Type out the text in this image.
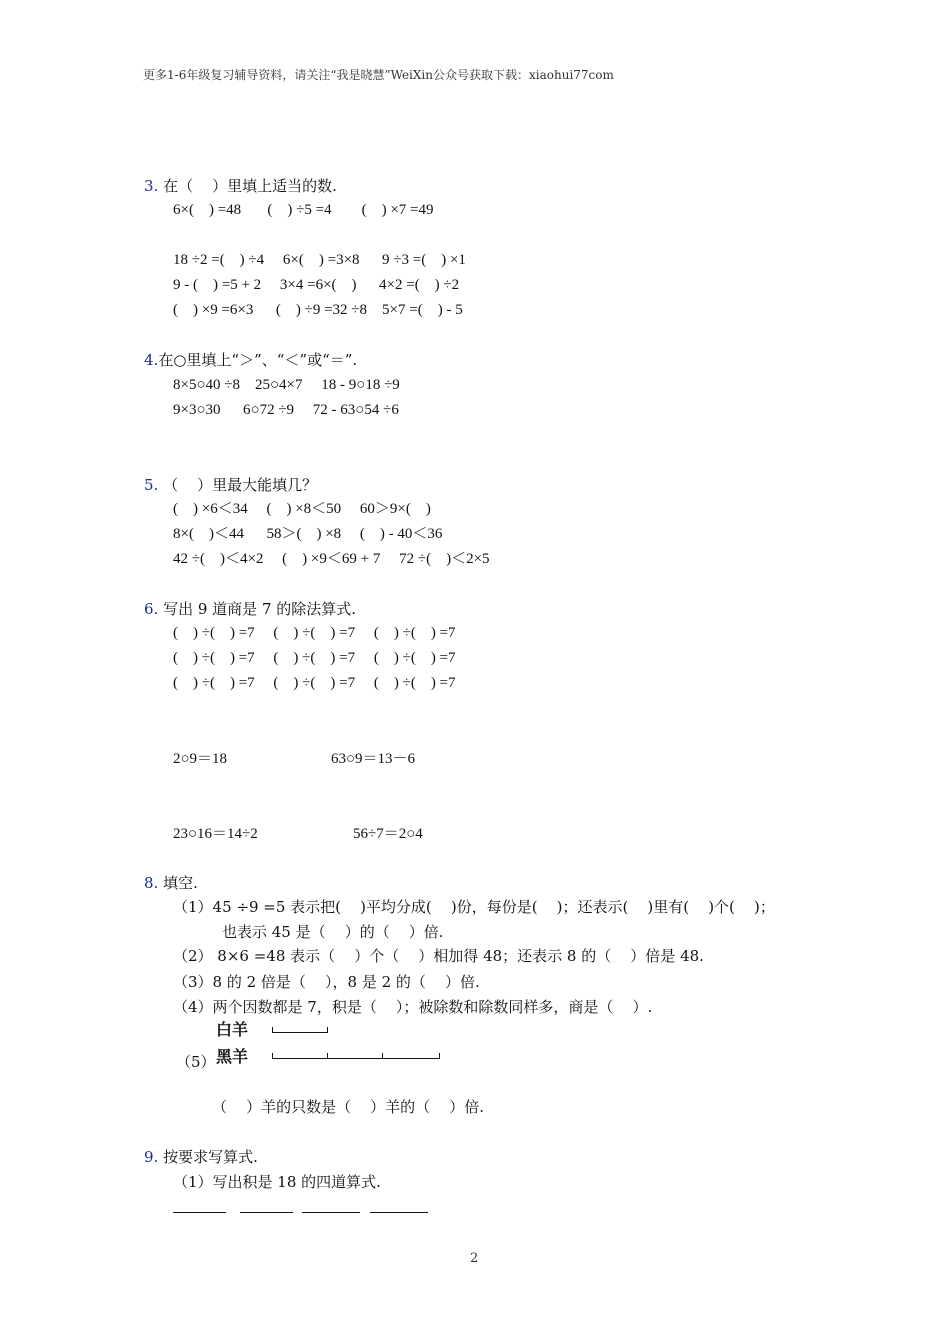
更多1-6年级复习辅导资料，请关注“我是晓慧”WeiXin公众号获取下载：xiaohui77com
3. 在（    ）里填上适当的数.
6×(    ) =48       (    ) ÷5 =4        (    ) ×7 =49
18 ÷2 =(    ) ÷4     6×(    ) =3×8      9 ÷3 =(    ) ×1
9 - (    ) =5 + 2     3×4 =6×(    )      4×2 =(    ) ÷2
(    ) ×9 =6×3      (    ) ÷9 =32 ÷8    5×7 =(    ) - 5
4.在○里填上“＞”、“＜”或“＝”.
8×5○40 ÷8    25○4×7     18 - 9○18 ÷9
9×3○30      6○72 ÷9     72 - 63○54 ÷6
5. （    ）里最大能填几？
(    ) ×6＜34     (    ) ×8＜50     60＞9×(    )
8×(    )＜44      58＞(    ) ×8     (    ) - 40＜36
42 ÷(    )＜4×2     (    ) ×9＜69 + 7     72 ÷(    )＜2×5
6. 写出 9 道商是 7 的除法算式.
(    ) ÷(    ) =7     (    ) ÷(    ) =7     (    ) ÷(    ) =7
(    ) ÷(    ) =7     (    ) ÷(    ) =7     (    ) ÷(    ) =7
(    ) ÷(    ) =7     (    ) ÷(    ) =7     (    ) ÷(    ) =7
2○9＝18	63○9＝13－6
23○16＝14÷2	56÷7＝2○4
8. 填空.
（1）45 ÷9 =5 表示把(    )平均分成(    )份，每份是(    )；还表示(    )里有(    )个(    )；
也表示 45 是（    ）的（    ）倍.
（2） 8×6 =48 表示（    ）个（    ）相加得 48；还表示 8 的（    ）倍是 48.
（3）8 的 2 倍是（    ），8 是 2 的（    ）倍.
（4）两个因数都是 7，积是（    ）；被除数和除数同样多，商是（    ）.
白羊
（5） 黑羊
（    ）羊的只数是（    ）羊的（    ）倍.
9. 按要求写算式.
（1）写出积是 18 的四道算式.
2
